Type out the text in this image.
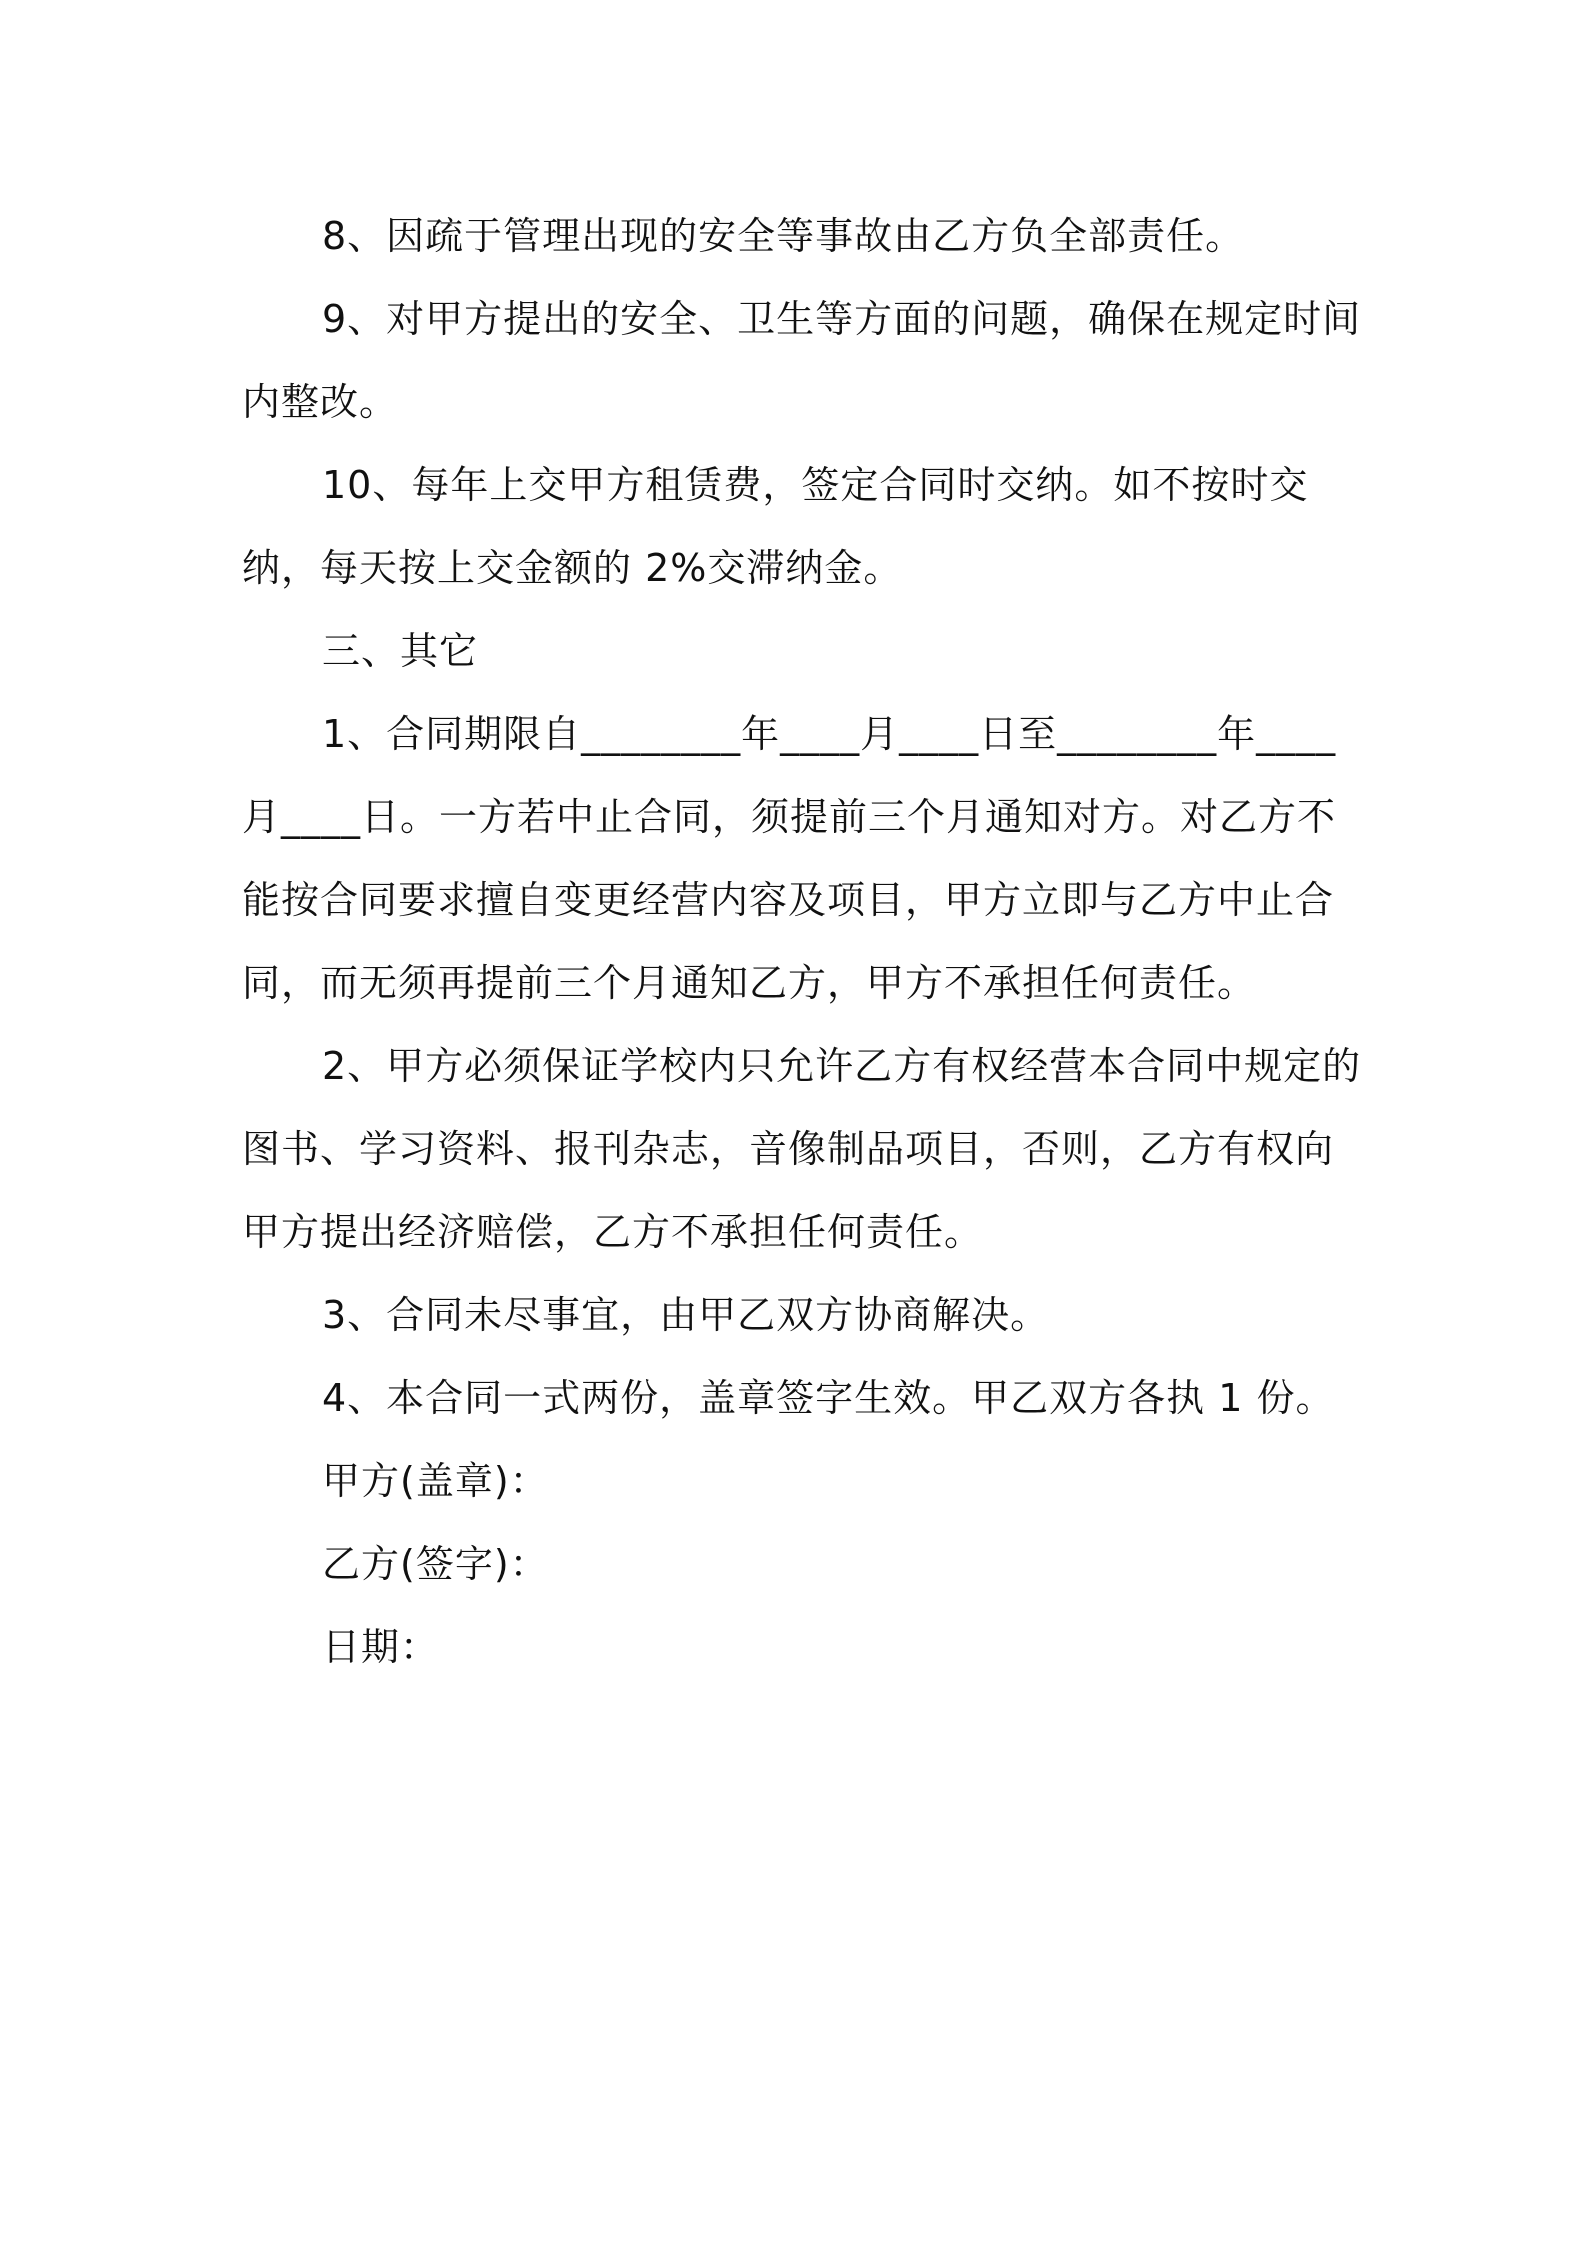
8、因疏于管理出现的安全等事故由乙方负全部责任。

9、对甲方提出的安全、卫生等方面的问题，确保在规定时间内整改。

10、每年上交甲方租赁费，签定合同时交纳。如不按时交纳，每天按上交金额的 2%交滞纳金。

三、其它

1、合同期限自________年____月____日至________年____月____日。一方若中止合同，须提前三个月通知对方。对乙方不能按合同要求擅自变更经营内容及项目，甲方立即与乙方中止合同，而无须再提前三个月通知乙方，甲方不承担任何责任。

2、甲方必须保证学校内只允许乙方有权经营本合同中规定的图书、学习资料、报刊杂志，音像制品项目，否则，乙方有权向甲方提出经济赔偿，乙方不承担任何责任。

3、合同未尽事宜，由甲乙双方协商解决。

4、本合同一式两份，盖章签字生效。甲乙双方各执 1 份。

甲方(盖章)：

乙方(签字)：

日期：
